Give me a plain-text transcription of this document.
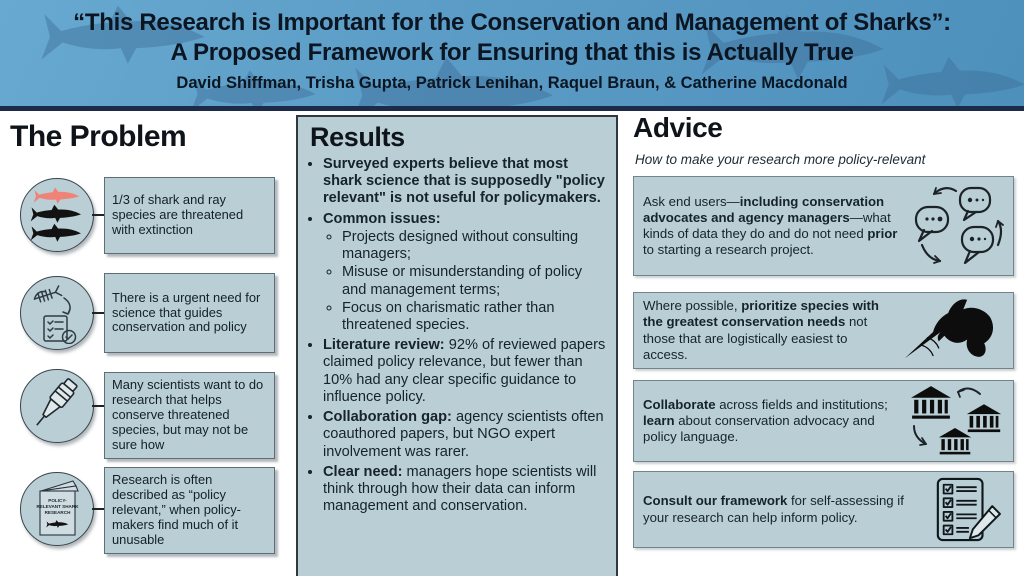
“This Research is Important for the Conservation and Management of Sharks”:
A Proposed Framework for Ensuring that this is Actually True
David Shiffman, Trisha Gupta, Patrick Lenihan, Raquel Braun, & Catherine Macdonald
The Problem
1/3 of shark and ray species are threatened with extinction
There is a urgent need for science that guides conservation and policy
Many scientists want to do research that helps conserve threatened species, but may not be sure how
POLICY-
RELEVANT SHARK
RESEARCH
Research is often described as “policy relevant,” when policy-makers find much of it unusable
Results
• Surveyed experts believe that most shark science that is supposedly "policy relevant" is not useful for policymakers.
• Common issues:
◦ Projects designed without consulting managers;
◦ Misuse or misunderstanding of policy and management terms;
◦ Focus on charismatic rather than threatened species.
• Literature review: 92% of reviewed papers claimed policy relevance, but fewer than 10% had any clear specific guidance to influence policy.
• Collaboration gap: agency scientists often coauthored papers, but NGO expert involvement was rarer.
• Clear need: managers hope scientists will think through how their data can inform management and conservation.
Advice
How to make your research more policy-relevant
Ask end users—including conservation advocates and agency managers—what kinds of data they do and do not need prior to starting a research project.
Where possible, prioritize species with the greatest conservation needs not those that are logistically easiest to access.
Collaborate across fields and institutions; learn about conservation advocacy and policy language.
Consult our framework for self-assessing if your research can help inform policy.
